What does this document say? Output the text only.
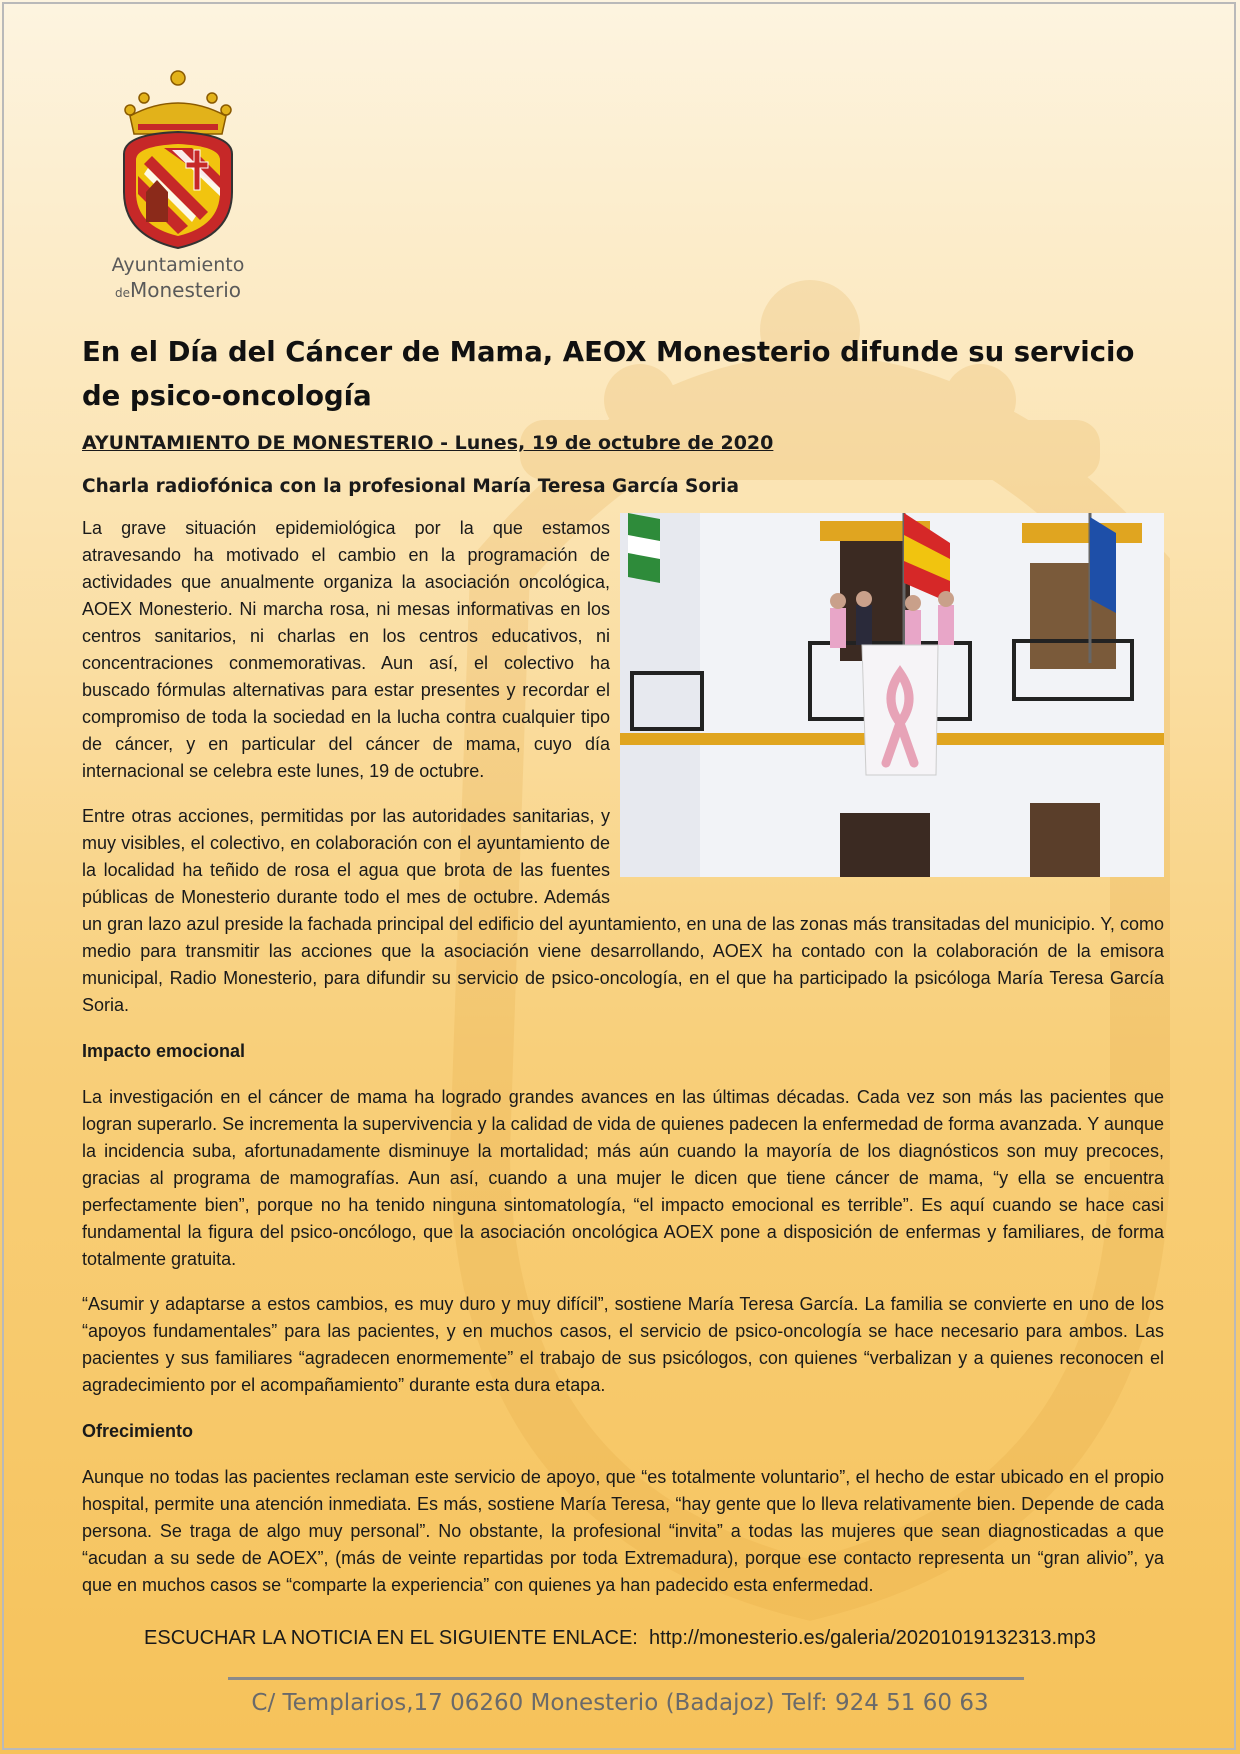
Ayuntamiento
deMonesterio
En el Día del Cáncer de Mama, AEOX Monesterio difunde su servicio de psico-oncología
AYUNTAMIENTO DE MONESTERIO - Lunes, 19 de octubre de 2020
Charla radiofónica con la profesional María Teresa García Soria

La grave situación epidemiológica por la que estamos atravesando ha motivado el cambio en la programación de actividades que anualmente organiza la asociación oncológica, AOEX Monesterio. Ni marcha rosa, ni mesas informativas en los centros sanitarios, ni charlas en los centros educativos, ni concentraciones conmemorativas. Aun así, el colectivo ha buscado fórmulas alternativas para estar presentes y recordar el compromiso de toda la sociedad en la lucha contra cualquier tipo de cáncer, y en particular del cáncer de mama, cuyo día internacional se celebra este lunes, 19 de octubre.

Entre otras acciones, permitidas por las autoridades sanitarias, y muy visibles, el colectivo, en colaboración con el ayuntamiento de la localidad ha teñido de rosa el agua que brota de las fuentes públicas de Monesterio durante todo el mes de octubre. Además un gran lazo azul preside la fachada principal del edificio del ayuntamiento, en una de las zonas más transitadas del municipio. Y, como medio para transmitir las acciones que la asociación viene desarrollando, AOEX ha contado con la colaboración de la emisora municipal, Radio Monesterio, para difundir su servicio de psico-oncología, en el que ha participado la psicóloga María Teresa García Soria.

Impacto emocional

La investigación en el cáncer de mama ha logrado grandes avances en las últimas décadas. Cada vez son más las pacientes que logran superarlo. Se incrementa la supervivencia y la calidad de vida de quienes padecen la enfermedad de forma avanzada. Y aunque la incidencia suba, afortunadamente disminuye la mortalidad; más aún cuando la mayoría de los diagnósticos son muy precoces, gracias al programa de mamografías. Aun así, cuando a una mujer le dicen que tiene cáncer de mama, “y ella se encuentra perfectamente bien”, porque no ha tenido ninguna sintomatología, “el impacto emocional es terrible”. Es aquí cuando se hace casi fundamental la figura del psico-oncólogo, que la asociación oncológica AOEX pone a disposición de enfermas y familiares, de forma totalmente gratuita.

“Asumir y adaptarse a estos cambios, es muy duro y muy difícil”, sostiene María Teresa García. La familia se convierte en uno de los “apoyos fundamentales” para las pacientes, y en muchos casos, el servicio de psico-oncología se hace necesario para ambos. Las pacientes y sus familiares “agradecen enormemente” el trabajo de sus psicólogos, con quienes “verbalizan y a quienes reconocen el agradecimiento por el acompañamiento” durante esta dura etapa.

Ofrecimiento

Aunque no todas las pacientes reclaman este servicio de apoyo, que “es totalmente voluntario”, el hecho de estar ubicado en el propio hospital, permite una atención inmediata. Es más, sostiene María Teresa, “hay gente que lo lleva relativamente bien. Depende de cada persona. Se traga de algo muy personal”. No obstante, la profesional “invita” a todas las mujeres que sean diagnosticadas a que “acudan a su sede de AOEX”, (más de veinte repartidas por toda Extremadura), porque ese contacto representa un “gran alivio”, ya que en muchos casos se “comparte la experiencia” con quienes ya han padecido esta enfermedad.

ESCUCHAR LA NOTICIA EN EL SIGUIENTE ENLACE: http://monesterio.es/galeria/20201019132313.mp3
C/ Templarios,17 06260 Monesterio (Badajoz) Telf: 924 51 60 63
